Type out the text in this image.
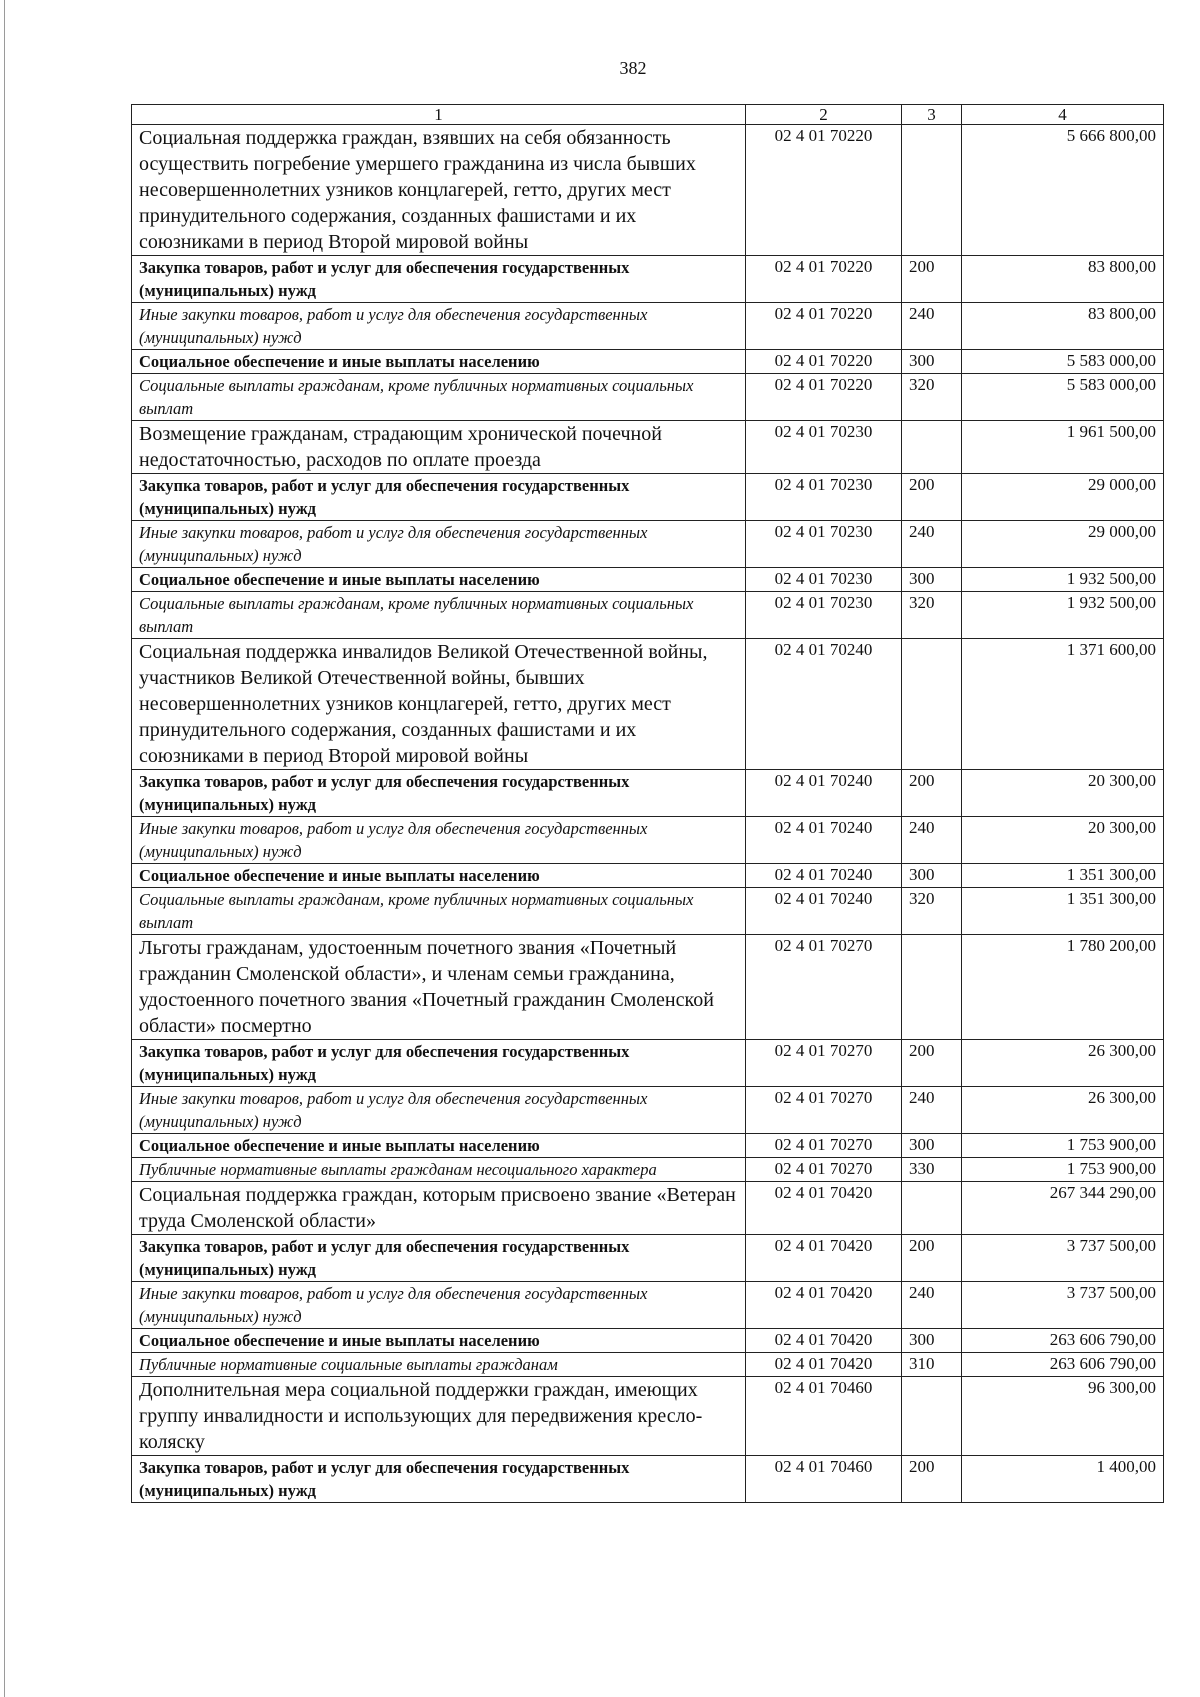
382
1	2	3	4
Социальная поддержка граждан, взявших на себя обязанность осуществить погребение умершего гражданина из числа бывших несовершеннолетних узников концлагерей, гетто, других мест принудительного содержания, созданных фашистами и их союзниками в период Второй мировой войны	02 4 01 70220		5 666 800,00
Закупка товаров, работ и услуг для обеспечения государственных (муниципальных) нужд	02 4 01 70220	200	83 800,00
Иные закупки товаров, работ и услуг для обеспечения государственных (муниципальных) нужд	02 4 01 70220	240	83 800,00
Социальное обеспечение и иные выплаты населению	02 4 01 70220	300	5 583 000,00
Социальные выплаты гражданам, кроме публичных нормативных социальных выплат	02 4 01 70220	320	5 583 000,00
Возмещение гражданам, страдающим хронической почечной недостаточностью, расходов по оплате проезда	02 4 01 70230		1 961 500,00
Закупка товаров, работ и услуг для обеспечения государственных (муниципальных) нужд	02 4 01 70230	200	29 000,00
Иные закупки товаров, работ и услуг для обеспечения государственных (муниципальных) нужд	02 4 01 70230	240	29 000,00
Социальное обеспечение и иные выплаты населению	02 4 01 70230	300	1 932 500,00
Социальные выплаты гражданам, кроме публичных нормативных социальных выплат	02 4 01 70230	320	1 932 500,00
Социальная поддержка инвалидов Великой Отечественной войны, участников Великой Отечественной войны, бывших несовершеннолетних узников концлагерей, гетто, других мест принудительного содержания, созданных фашистами и их союзниками в период Второй мировой войны	02 4 01 70240		1 371 600,00
Закупка товаров, работ и услуг для обеспечения государственных (муниципальных) нужд	02 4 01 70240	200	20 300,00
Иные закупки товаров, работ и услуг для обеспечения государственных (муниципальных) нужд	02 4 01 70240	240	20 300,00
Социальное обеспечение и иные выплаты населению	02 4 01 70240	300	1 351 300,00
Социальные выплаты гражданам, кроме публичных нормативных социальных выплат	02 4 01 70240	320	1 351 300,00
Льготы гражданам, удостоенным почетного звания «Почетный гражданин Смоленской области», и членам семьи гражданина, удостоенного почетного звания «Почетный гражданин Смоленской области» посмертно	02 4 01 70270		1 780 200,00
Закупка товаров, работ и услуг для обеспечения государственных (муниципальных) нужд	02 4 01 70270	200	26 300,00
Иные закупки товаров, работ и услуг для обеспечения государственных (муниципальных) нужд	02 4 01 70270	240	26 300,00
Социальное обеспечение и иные выплаты населению	02 4 01 70270	300	1 753 900,00
Публичные нормативные выплаты гражданам несоциального характера	02 4 01 70270	330	1 753 900,00
Социальная поддержка граждан, которым присвоено звание «Ветеран труда Смоленской области»	02 4 01 70420		267 344 290,00
Закупка товаров, работ и услуг для обеспечения государственных (муниципальных) нужд	02 4 01 70420	200	3 737 500,00
Иные закупки товаров, работ и услуг для обеспечения государственных (муниципальных) нужд	02 4 01 70420	240	3 737 500,00
Социальное обеспечение и иные выплаты населению	02 4 01 70420	300	263 606 790,00
Публичные нормативные социальные выплаты гражданам	02 4 01 70420	310	263 606 790,00
Дополнительная мера социальной поддержки граждан, имеющих группу инвалидности и использующих для передвижения кресло-коляску	02 4 01 70460		96 300,00
Закупка товаров, работ и услуг для обеспечения государственных (муниципальных) нужд	02 4 01 70460	200	1 400,00
